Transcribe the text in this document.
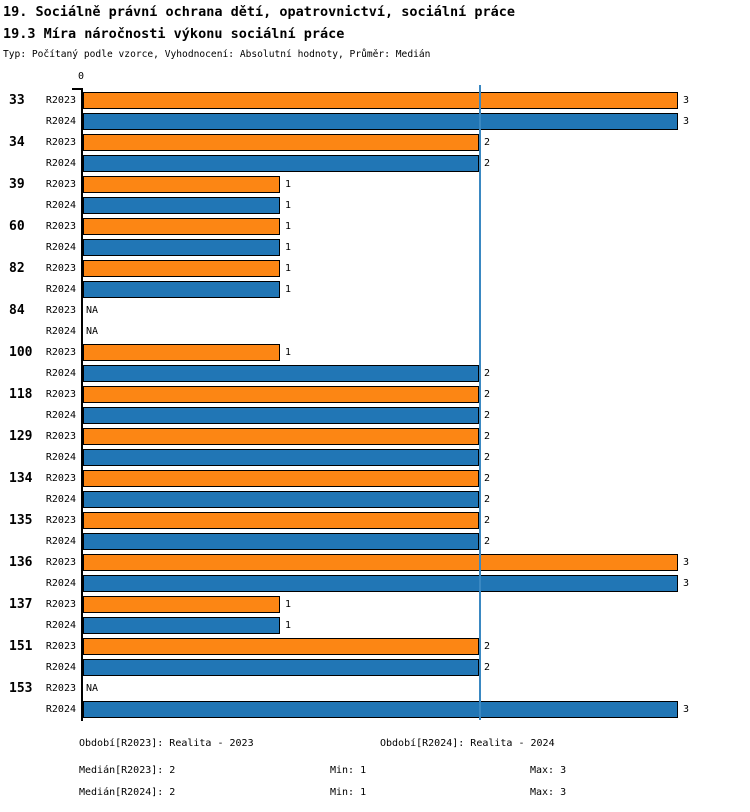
19. Sociálně právní ochrana dětí, opatrovnictví, sociální práce
19.3 Míra náročnosti výkonu sociální práce
Typ: Počítaný podle vzorce, Vyhodnocení: Absolutní hodnoty, Průměr: Medián
0
33	R2023	3
R2024	3
34	R2023	2
R2024	2
39	R2023	1
R2024	1
60	R2023	1
R2024	1
82	R2023	1
R2024	1
84	R2023 NA
R2024 NA
100	R2023	1
R2024	2
118	R2023	2
R2024	2
129	R2023	2
R2024	2
134	R2023	2
R2024	2
135	R2023	2
R2024	2
136	R2023	3
R2024	3
137	R2023	1
R2024	1
151	R2023	2
R2024	2
153	R2023 NA
R2024	3
Období[R2023]: Realita - 2023	Období[R2024]: Realita - 2024
Medián[R2023]: 2	Min: 1	Max: 3
Medián[R2024]: 2	Min: 1	Max: 3
